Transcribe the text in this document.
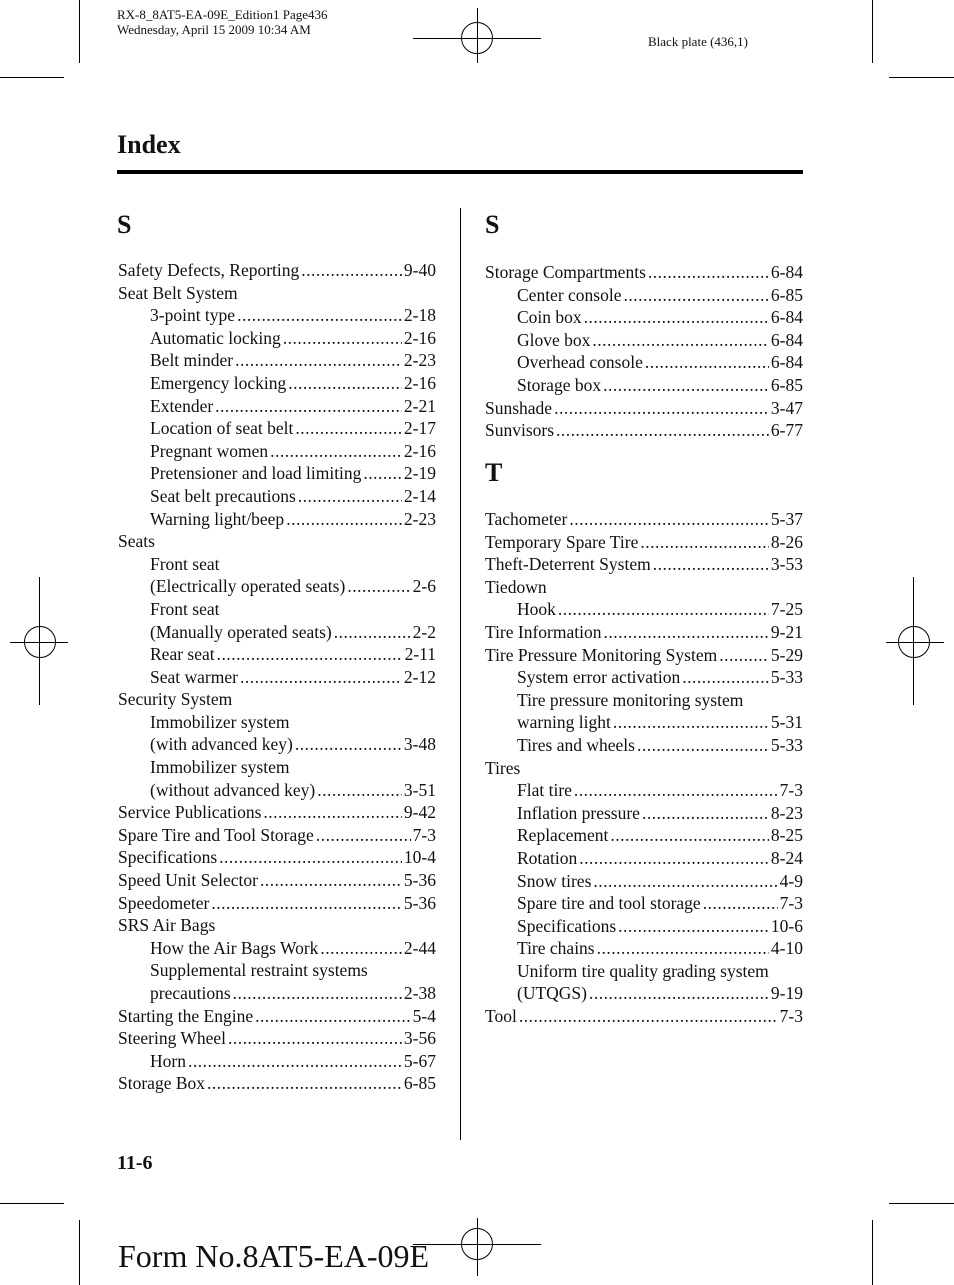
RX-8_8AT5-EA-09E_Edition1 Page436
Wednesday, April 15 2009 10:34 AM
Black plate (436,1)
Index
S
Safety Defects, Reporting .....	9-40
Seat Belt System
3-point type .....	2-18
Automatic locking .....	2-16
Belt minder .....	2-23
Emergency locking .....	2-16
Extender .....	2-21
Location of seat belt .....	2-17
Pregnant women .....	2-16
Pretensioner and load limiting ..... 2-19
Seat belt precautions .....	2-14
Warning light/beep .....	2-23
Seats
Front seat
(Electrically operated seats) .....	2-6
Front seat
(Manually operated seats) .....	2-2
Rear seat .....	2-11
Seat warmer .....	2-12
Security System
Immobilizer system
(with advanced key) .....	3-48
Immobilizer system
(without advanced key) .....	3-51
Service Publications .....	9-42
Spare Tire and Tool Storage .....	7-3
Specifications .....	10-4
Speed Unit Selector .....	5-36
Speedometer .....	5-36
SRS Air Bags
How the Air Bags Work .....	2-44
Supplemental restraint systems
precautions .....	2-38
Starting the Engine .....	5-4
Steering Wheel .....	3-56
Horn .....	5-67
Storage Box .....	6-85
S
Storage Compartments .....	6-84
Center console .....	6-85
Coin box .....	6-84
Glove box .....	6-84
Overhead console .....	6-84
Storage box .....	6-85
Sunshade .....	3-47
Sunvisors .....	6-77
T
Tachometer .....	5-37
Temporary Spare Tire .....	8-26
Theft-Deterrent System .....	3-53
Tiedown
Hook .....	7-25
Tire Information .....	9-21
Tire Pressure Monitoring System .....	5-29
System error activation .....	5-33
Tire pressure monitoring system
warning light .....	5-31
Tires and wheels .....	5-33
Tires
Flat tire .....	7-3
Inflation pressure .....	8-23
Replacement .....	8-25
Rotation .....	8-24
Snow tires .....	4-9
Spare tire and tool storage .....	7-3
Specifications .....	10-6
Tire chains .....	4-10
Uniform tire quality grading system
(UTQGS) .....	9-19
Tool .....	7-3
11-6
Form No.8AT5-EA-09E
